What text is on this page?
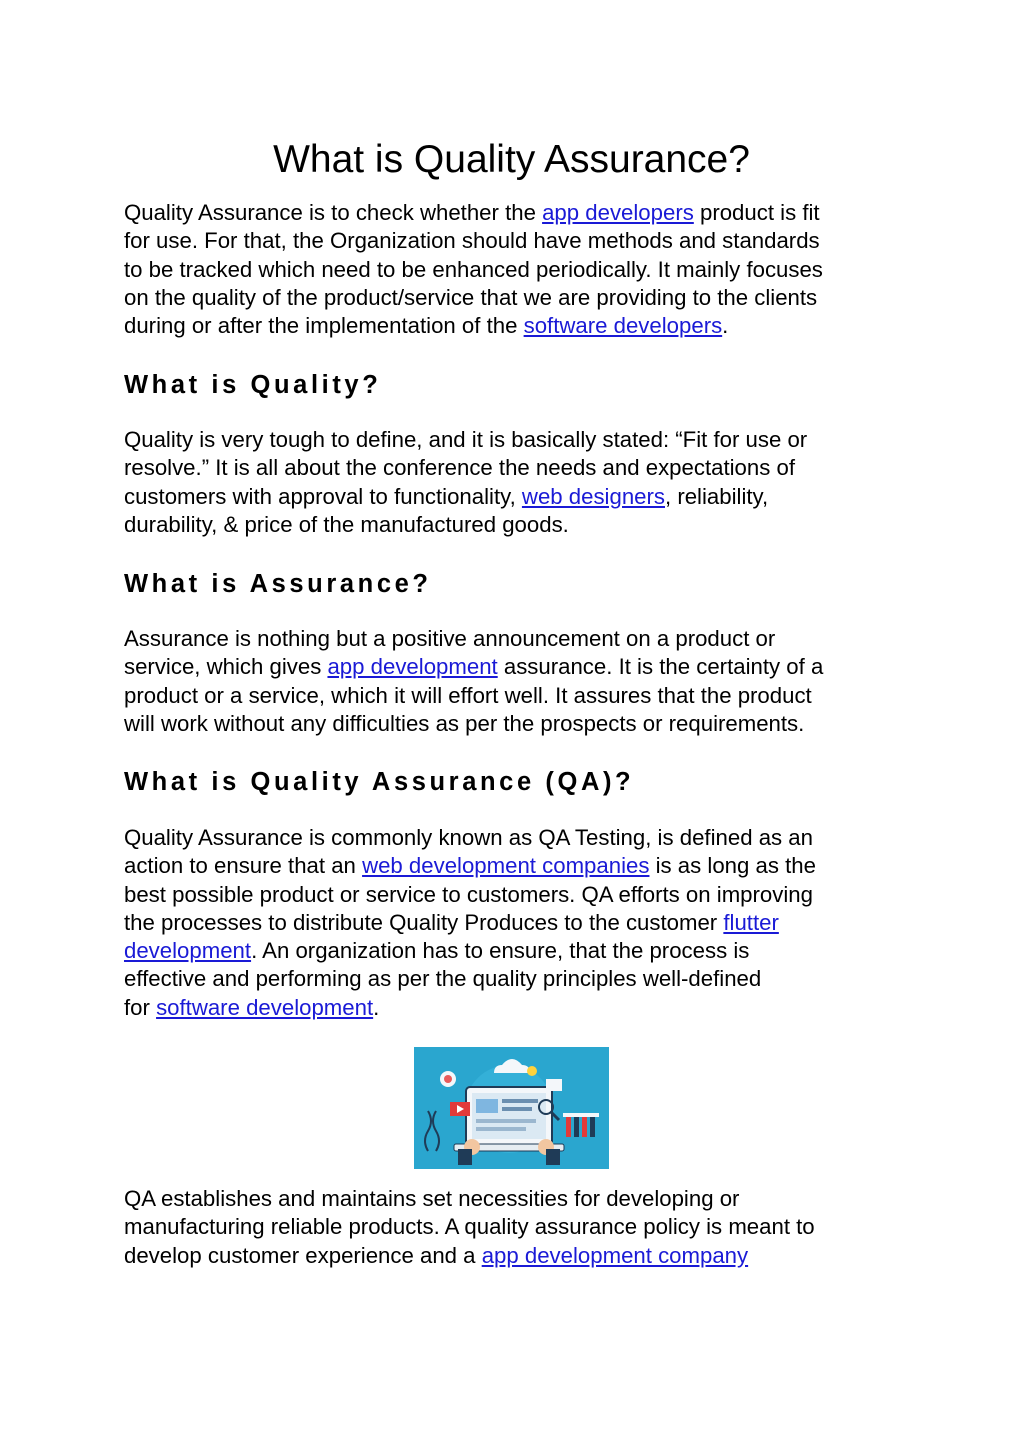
What is Quality Assurance?
Quality Assurance is to check whether the app developers product is fit
for use. For that, the Organization should have methods and standards
to be tracked which need to be enhanced periodically. It mainly focuses
on the quality of the product/service that we are providing to the clients
during or after the implementation of the software developers.
What is Quality?
Quality is very tough to define, and it is basically stated: “Fit for use or
resolve.” It is all about the conference the needs and expectations of
customers with approval to functionality, web designers, reliability,
durability, & price of the manufactured goods.
What is Assurance?
Assurance is nothing but a positive announcement on a product or
service, which gives app development assurance. It is the certainty of a
product or a service, which it will effort well. It assures that the product
will work without any difficulties as per the prospects or requirements.
What is Quality Assurance (QA)?
Quality Assurance is commonly known as QA Testing, is defined as an
action to ensure that an web development companies is as long as the
best possible product or service to customers. QA efforts on improving
the processes to distribute Quality Produces to the customer flutter
development. An organization has to ensure, that the process is
effective and performing as per the quality principles well-defined
for software development.
QA establishes and maintains set necessities for developing or
manufacturing reliable products. A quality assurance policy is meant to
develop customer experience and a app development company
